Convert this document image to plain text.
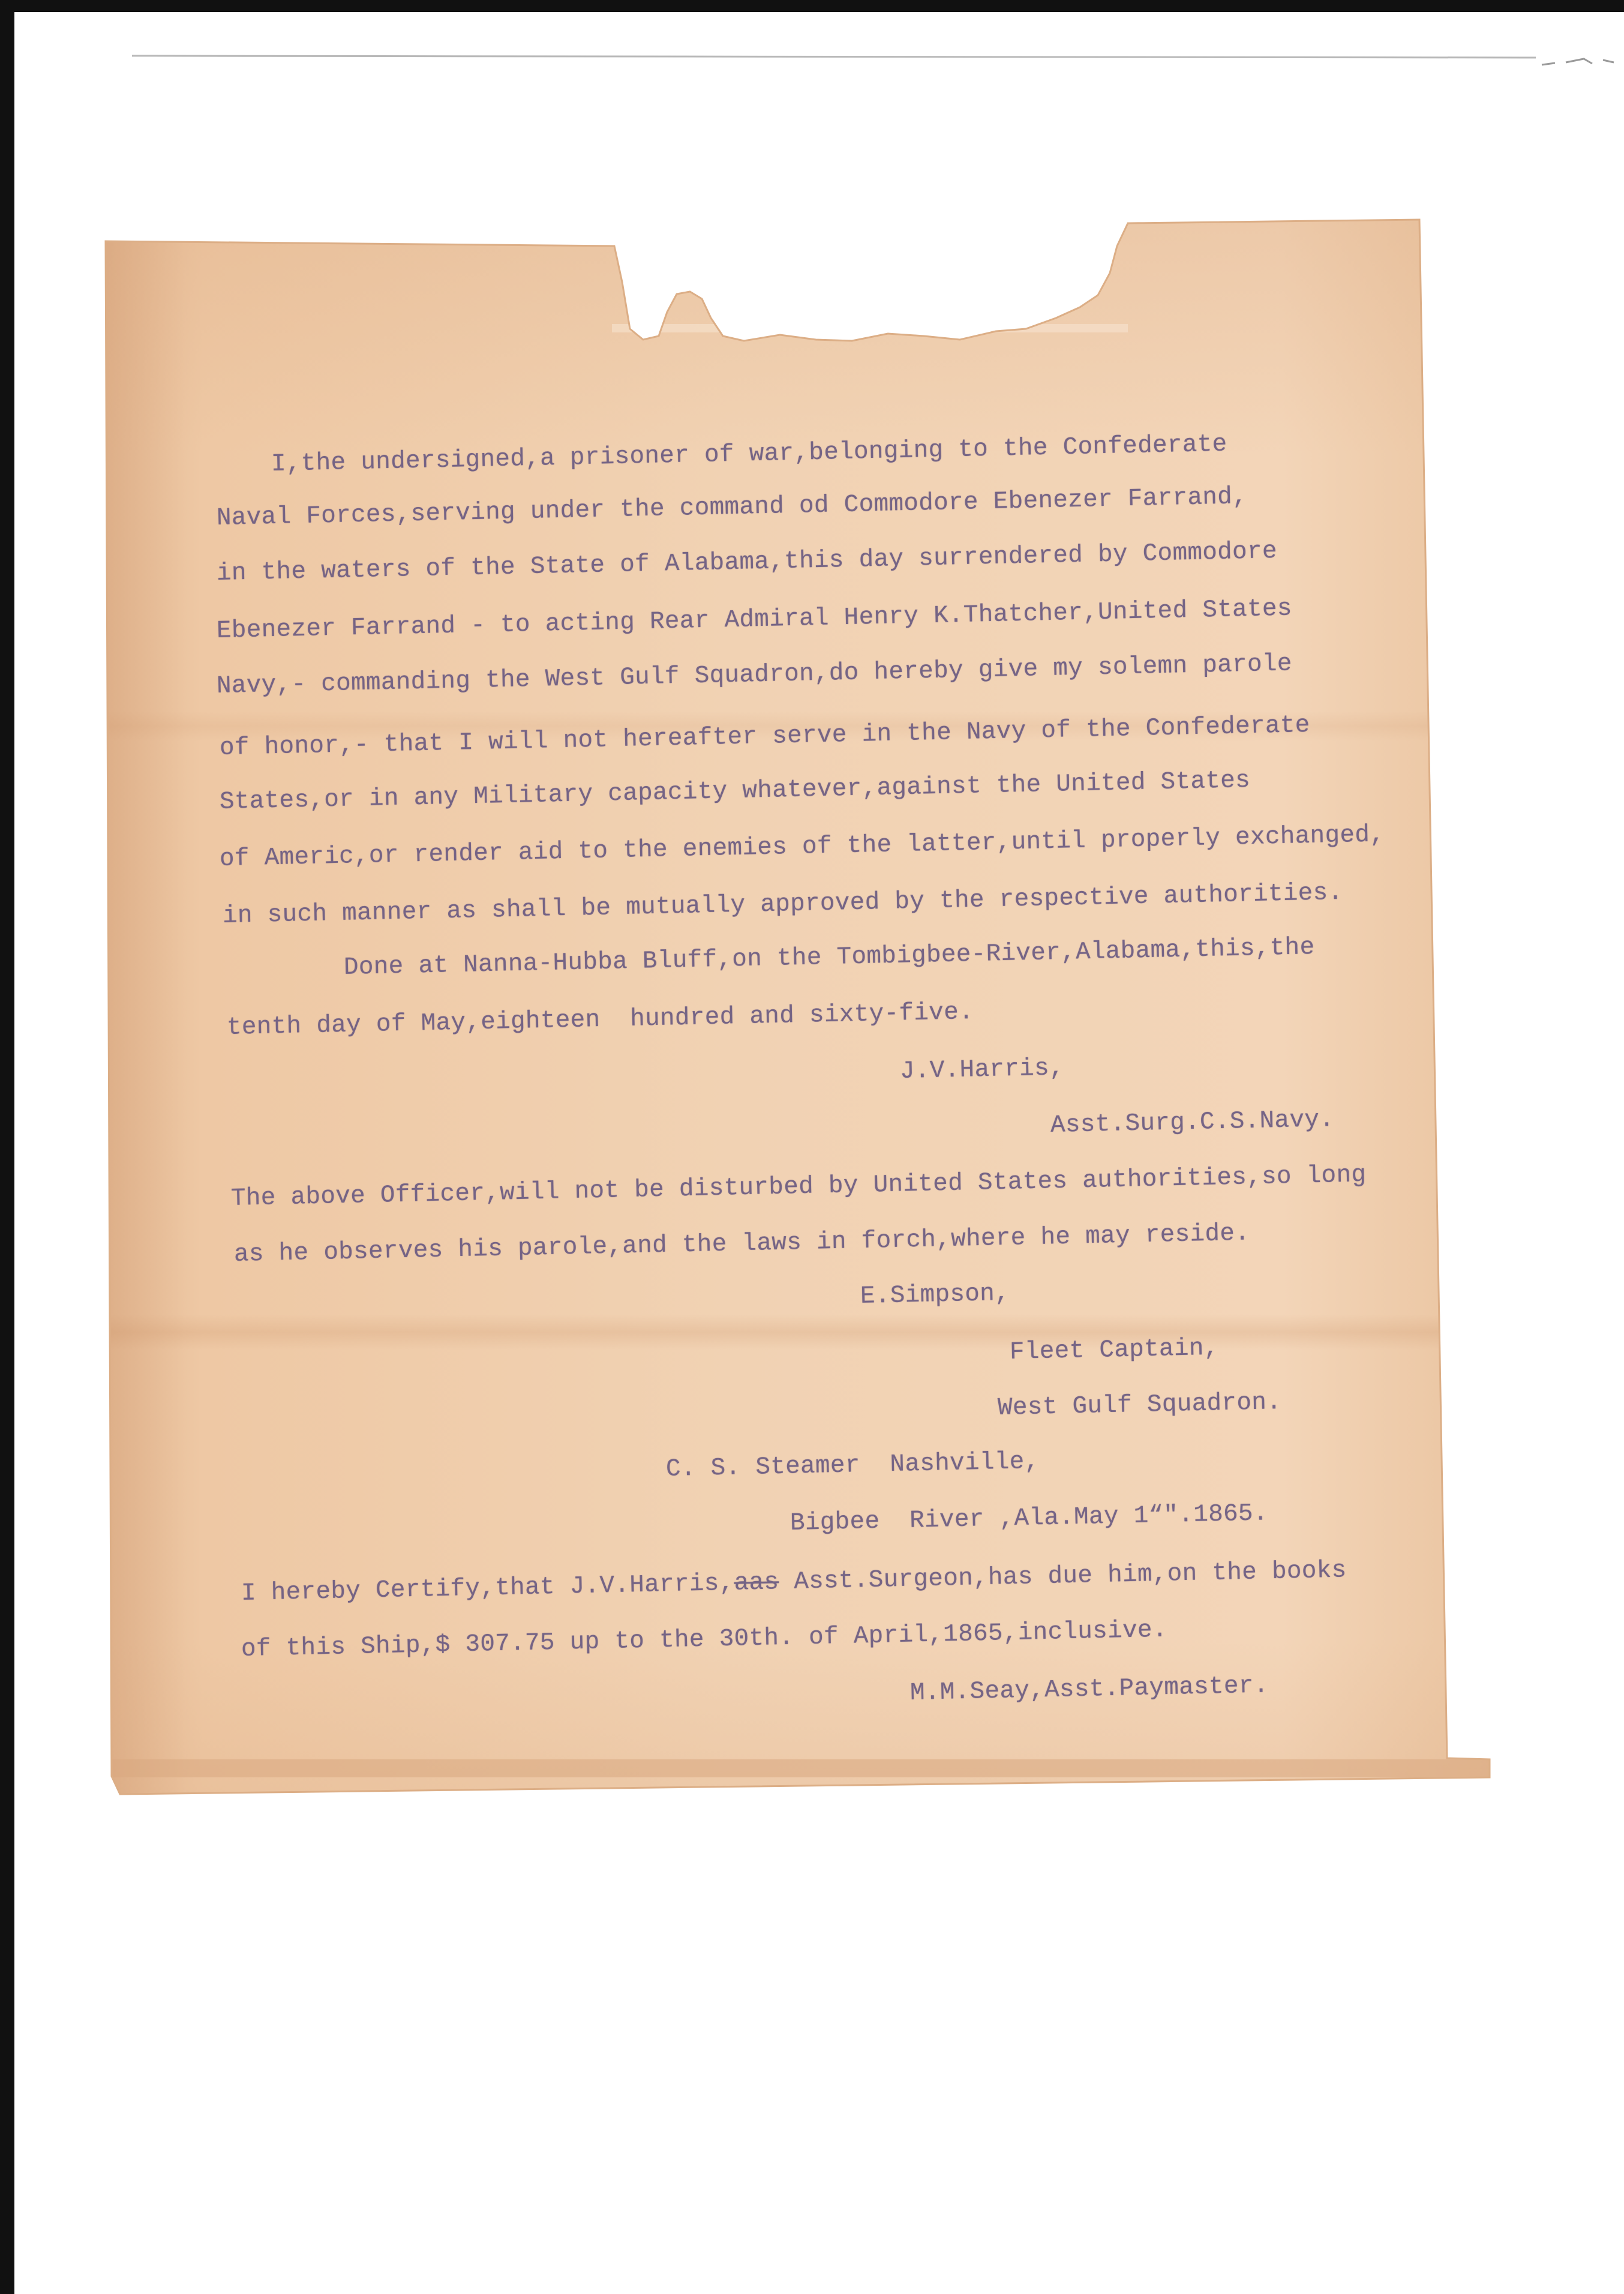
I,the undersigned,a prisoner of war,belonging to the Confederate
Naval Forces,serving under the command od Commodore Ebenezer Farrand,
in the waters of the State of Alabama,this day surrendered by Commodore
Ebenezer Farrand - to acting Rear Admiral Henry K.Thatcher,United States
Navy,- commanding the West Gulf Squadron,do hereby give my solemn parole
of honor,- that I will not hereafter serve in the Navy of the Confederate
States,or in any Military capacity whatever,against the United States
of Americ,or render aid to the enemies of the latter,until properly exchanged,
in such manner as shall be mutually approved by the respective authorities.
Done at Nanna-Hubba Bluff,on the Tombigbee-River,Alabama,this,the
tenth day of May,eighteen  hundred and sixty-five.
J.V.Harris,
Asst.Surg.C.S.Navy.
The above Officer,will not be disturbed by United States authorities,so long
as he observes his parole,and the laws in forch,where he may reside.
E.Simpson,
Fleet Captain,
West Gulf Squadron.
C. S. Steamer  Nashville,
Bigbee  River ,Ala.May 1“".1865.
I hereby Certify,that J.V.Harris,aas Asst.Surgeon,has due him,on the books
of this Ship,$ 307.75 up to the 30th. of April,1865,inclusive.
M.M.Seay,Asst.Paymaster.
